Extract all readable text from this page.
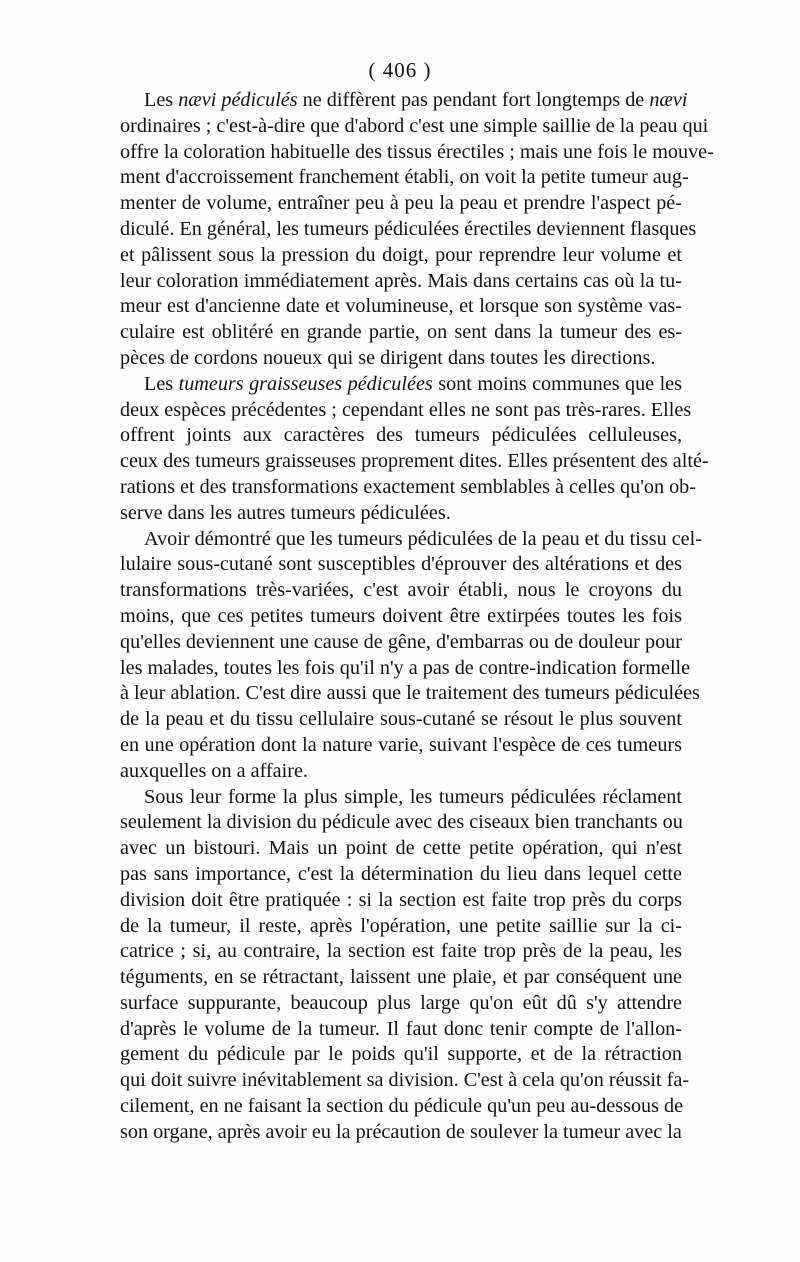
( 406 )
Les nævi pédiculés ne diffèrent pas pendant fort longtemps de nævi
ordinaires ; c'est-à-dire que d'abord c'est une simple saillie de la peau qui
offre la coloration habituelle des tissus érectiles ; mais une fois le mouve-
ment d'accroissement franchement établi, on voit la petite tumeur aug-
menter de volume, entraîner peu à peu la peau et prendre l'aspect pé-
diculé. En général, les tumeurs pédiculées érectiles deviennent flasques
et pâlissent sous la pression du doigt, pour reprendre leur volume et
leur coloration immédiatement après. Mais dans certains cas où la tu-
meur est d'ancienne date et volumineuse, et lorsque son système vas-
culaire est oblitéré en grande partie, on sent dans la tumeur des es-
pèces de cordons noueux qui se dirigent dans toutes les directions.
Les tumeurs graisseuses pédiculées sont moins communes que les
deux espèces précédentes ; cependant elles ne sont pas très-rares. Elles
offrent joints aux caractères des tumeurs pédiculées celluleuses,
ceux des tumeurs graisseuses proprement dites. Elles présentent des alté-
rations et des transformations exactement semblables à celles qu'on ob-
serve dans les autres tumeurs pédiculées.
Avoir démontré que les tumeurs pédiculées de la peau et du tissu cel-
lulaire sous-cutané sont susceptibles d'éprouver des altérations et des
transformations très-variées, c'est avoir établi, nous le croyons du
moins, que ces petites tumeurs doivent être extirpées toutes les fois
qu'elles deviennent une cause de gêne, d'embarras ou de douleur pour
les malades, toutes les fois qu'il n'y a pas de contre-indication formelle
à leur ablation. C'est dire aussi que le traitement des tumeurs pédiculées
de la peau et du tissu cellulaire sous-cutané se résout le plus souvent
en une opération dont la nature varie, suivant l'espèce de ces tumeurs
auxquelles on a affaire.
Sous leur forme la plus simple, les tumeurs pédiculées réclament
seulement la division du pédicule avec des ciseaux bien tranchants ou
avec un bistouri. Mais un point de cette petite opération, qui n'est
pas sans importance, c'est la détermination du lieu dans lequel cette
division doit être pratiquée : si la section est faite trop près du corps
de la tumeur, il reste, après l'opération, une petite saillie sur la ci-
catrice ; si, au contraire, la section est faite trop près de la peau, les
téguments, en se rétractant, laissent une plaie, et par conséquent une
surface suppurante, beaucoup plus large qu'on eût dû s'y attendre
d'après le volume de la tumeur. Il faut donc tenir compte de l'allon-
gement du pédicule par le poids qu'il supporte, et de la rétraction
qui doit suivre inévitablement sa division. C'est à cela qu'on réussit fa-
cilement, en ne faisant la section du pédicule qu'un peu au-dessous de
son organe, après avoir eu la précaution de soulever la tumeur avec la
